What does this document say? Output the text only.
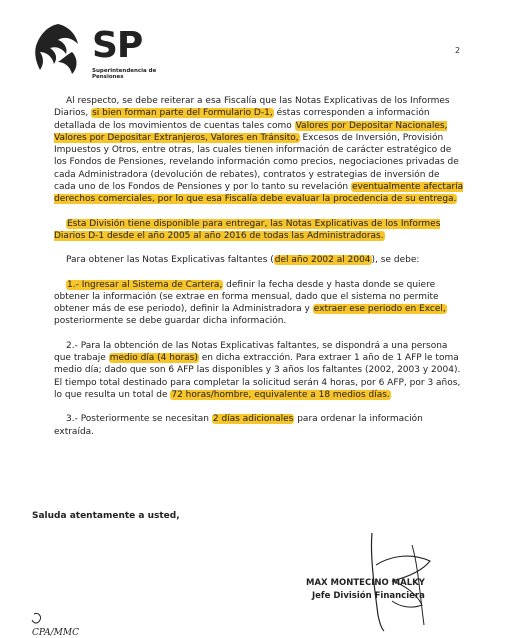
SP
Superintendencia de Pensiones
2

Al respecto, se debe reiterar a esa Fiscalía que las Notas Explicativas de los Informes Diarios, si bien forman parte del Formulario D-1, éstas corresponden a información detallada de los movimientos de cuentas tales como Valores por Depositar Nacionales, Valores por Depositar Extranjeros, Valores en Tránsito, Excesos de Inversión, Provisión Impuestos y Otros, entre otras, las cuales tienen información de carácter estratégico de los Fondos de Pensiones, revelando información como precios, negociaciones privadas de cada Administradora (devolución de rebates), contratos y estrategias de inversión de cada uno de los Fondos de Pensiones y por lo tanto su revelación eventualmente afectaría derechos comerciales, por lo que esa Fiscalía debe evaluar la procedencia de su entrega.

Esta División tiene disponible para entregar, las Notas Explicativas de los Informes Diarios D-1 desde el año 2005 al año 2016 de todas las Administradoras.

Para obtener las Notas Explicativas faltantes (del año 2002 al 2004), se debe:

1.- Ingresar al Sistema de Cartera, definir la fecha desde y hasta donde se quiere obtener la información (se extrae en forma mensual, dado que el sistema no permite obtener más de ese periodo), definir la Administradora y extraer ese periodo en Excel, posteriormente se debe guardar dicha información.

2.- Para la obtención de las Notas Explicativas faltantes, se dispondrá a una persona que trabaje medio día (4 horas) en dicha extracción. Para extraer 1 año de 1 AFP le toma medio día; dado que son 6 AFP las disponibles y 3 años los faltantes (2002, 2003 y 2004). El tiempo total destinado para completar la solicitud serán 4 horas, por 6 AFP, por 3 años, lo que resulta un total de 72 horas/hombre, equivalente a 18 medios días.

3.- Posteriormente se necesitan 2 días adicionales para ordenar la información extraída.

Saluda atentamente a usted,
MAX MONTECINO MALKY
Jefe División Financiera
CPA/MMC
